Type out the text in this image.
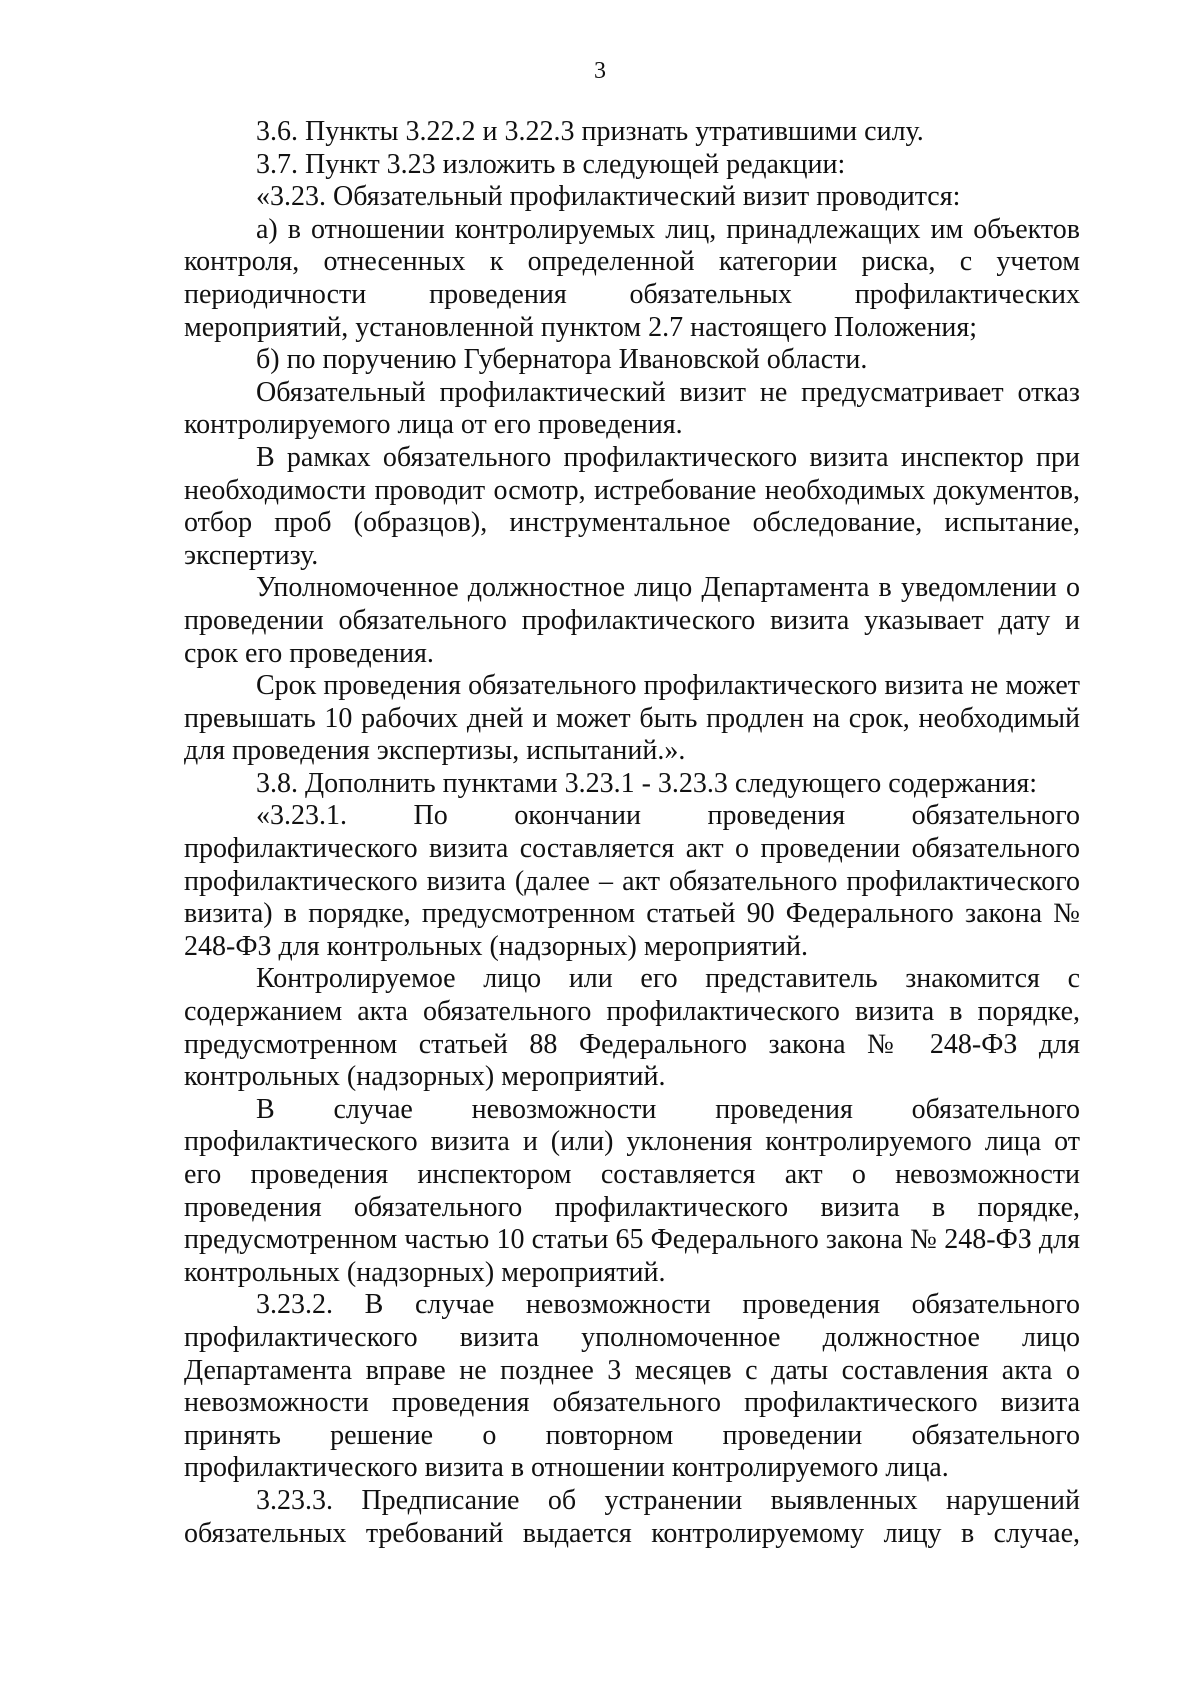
3

3.6. Пункты 3.22.2 и 3.22.3 признать утратившими силу.

3.7. Пункт 3.23 изложить в следующей редакции:

«3.23. Обязательный профилактический визит проводится:

а) в отношении контролируемых лиц, принадлежащих им объектов контроля, отнесенных к определенной категории риска, с учетом периодичности проведения обязательных профилактических мероприятий, установленной пунктом 2.7 настоящего Положения;

б) по поручению Губернатора Ивановской области.

Обязательный профилактический визит не предусматривает отказ контролируемого лица от его проведения.

В рамках обязательного профилактического визита инспектор при необходимости проводит осмотр, истребование необходимых документов, отбор проб (образцов), инструментальное обследование, испытание, экспертизу.

Уполномоченное должностное лицо Департамента в уведомлении о проведении обязательного профилактического визита указывает дату и срок его проведения.

Срок проведения обязательного профилактического визита не может превышать 10 рабочих дней и может быть продлен на срок, необходимый для проведения экспертизы, испытаний.».

3.8. Дополнить пунктами 3.23.1 - 3.23.3 следующего содержания:

«3.23.1. По окончании проведения обязательного профилактического визита составляется акт о проведении обязательного профилактического визита (далее – акт обязательного профилактического визита) в порядке, предусмотренном статьей 90 Федерального закона № 248-ФЗ для контрольных (надзорных) мероприятий.

Контролируемое лицо или его представитель знакомится с содержанием акта обязательного профилактического визита в порядке, предусмотренном статьей 88 Федерального закона № 248-ФЗ для контрольных (надзорных) мероприятий.

В случае невозможности проведения обязательного профилактического визита и (или) уклонения контролируемого лица от его проведения инспектором составляется акт о невозможности проведения обязательного профилактического визита в порядке, предусмотренном частью 10 статьи 65 Федерального закона № 248-ФЗ для контрольных (надзорных) мероприятий.

3.23.2. В случае невозможности проведения обязательного профилактического визита уполномоченное должностное лицо Департамента вправе не позднее 3 месяцев с даты составления акта о невозможности проведения обязательного профилактического визита принять решение о повторном проведении обязательного профилактического визита в отношении контролируемого лица.

3.23.3. Предписание об устранении выявленных нарушений обязательных требований выдается контролируемому лицу в случае,
